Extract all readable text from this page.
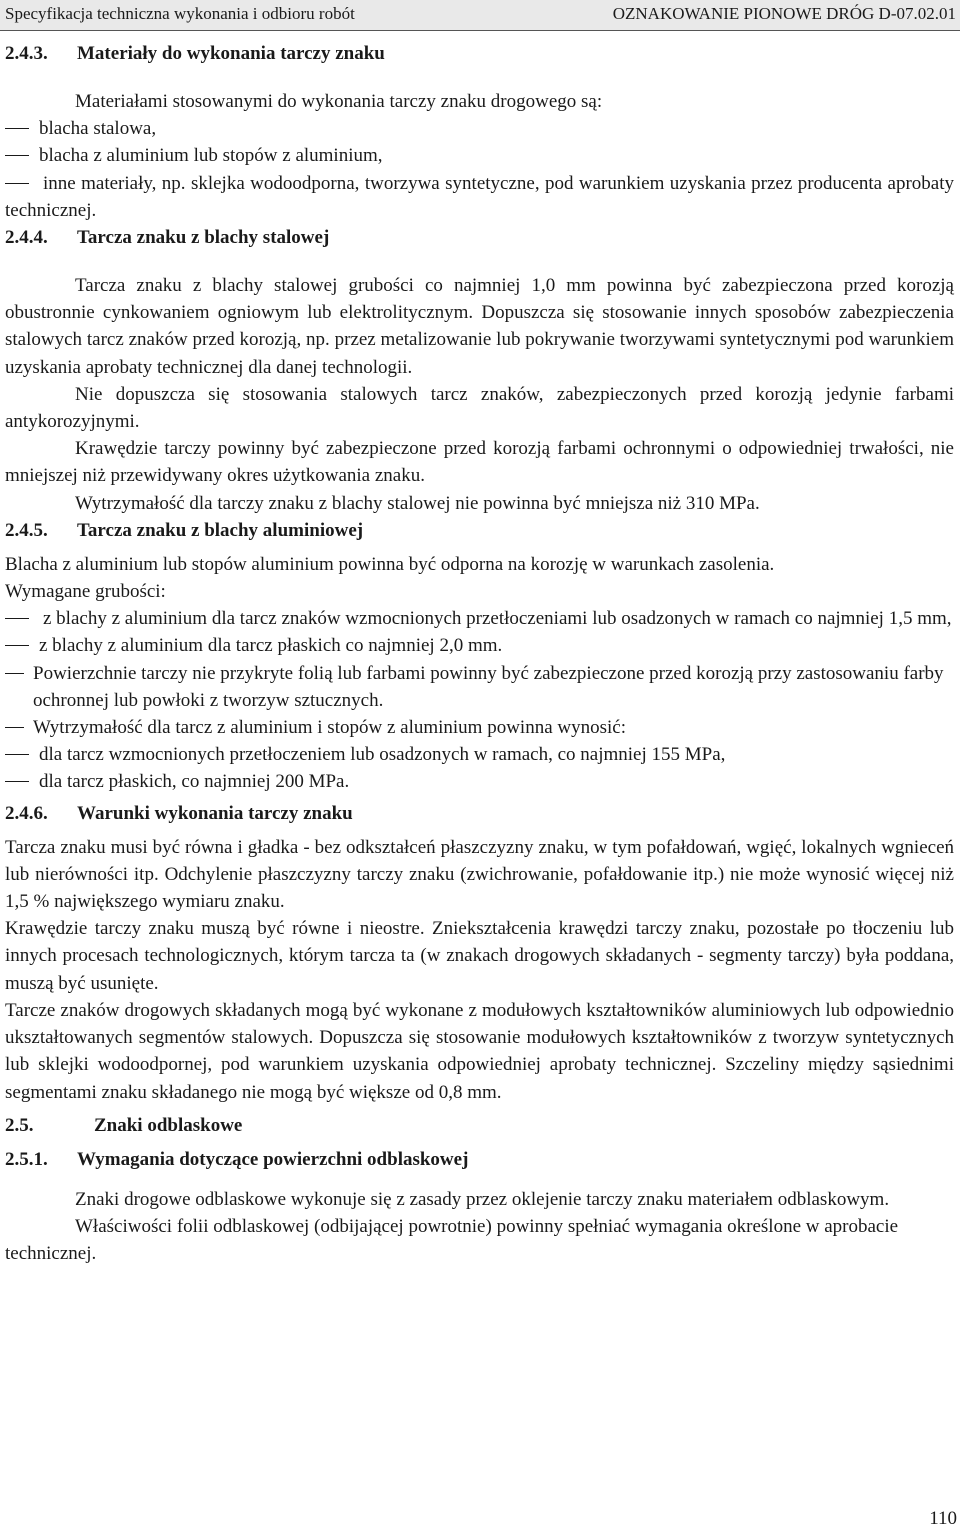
Specyfikacja techniczna wykonania i odbioru robót	OZNAKOWANIE PIONOWE DRÓG D-07.02.01
2.4.3.	Materiały do wykonania tarczy znaku

Materiałami stosowanymi do wykonania tarczy znaku drogowego są:

blacha stalowa,

blacha z aluminium lub stopów z aluminium,

inne materiały, np. sklejka wodoodporna, tworzywa syntetyczne, pod warunkiem uzyskania przez producenta aprobaty technicznej.

2.4.4.	Tarcza znaku z blachy stalowej

Tarcza znaku z blachy stalowej grubości co najmniej 1,0 mm powinna być zabezpieczona przed korozją obustronnie cynkowaniem ogniowym lub elektrolitycznym. Dopuszcza się stosowanie innych sposobów zabezpieczenia stalowych tarcz znaków przed korozją, np. przez metalizowanie lub pokrywanie tworzywami syntetycznymi pod warunkiem uzyskania aprobaty technicznej dla danej technologii.

Nie dopuszcza się stosowania stalowych tarcz znaków, zabezpieczonych przed korozją jedynie farbami antykorozyjnymi.

Krawędzie tarczy powinny być zabezpieczone przed korozją farbami ochronnymi o odpowiedniej trwałości, nie mniejszej niż przewidywany okres użytkowania znaku.

Wytrzymałość dla tarczy znaku z blachy stalowej nie powinna być mniejsza niż 310 MPa.

2.4.5.	Tarcza znaku z blachy aluminiowej

Blacha z aluminium lub stopów aluminium powinna być odporna na korozję w warunkach zasolenia.

Wymagane grubości:

z blachy z aluminium dla tarcz znaków wzmocnionych przetłoczeniami lub osadzonych w ramach co najmniej 1,5 mm,

z blachy z aluminium dla tarcz płaskich co najmniej 2,0 mm.

Powierzchnie tarczy nie przykryte folią lub farbami powinny być zabezpieczone przed korozją przy zastosowaniu farby ochronnej lub powłoki z tworzyw sztucznych.

Wytrzymałość dla tarcz z aluminium i stopów z aluminium powinna wynosić:

dla tarcz wzmocnionych przetłoczeniem lub osadzonych w ramach, co najmniej 155 MPa,

dla tarcz płaskich, co najmniej 200 MPa.

2.4.6.	Warunki wykonania tarczy znaku

Tarcza znaku musi być równa i gładka - bez odkształceń płaszczyzny znaku, w tym pofałdowań, wgięć, lokalnych wgnieceń lub nierówności itp. Odchylenie płaszczyzny tarczy znaku (zwichrowanie, pofałdowanie itp.) nie może wynosić więcej niż 1,5 % największego wymiaru znaku.

Krawędzie tarczy znaku muszą być równe i nieostre. Zniekształcenia krawędzi tarczy znaku, pozostałe po tłoczeniu lub innych procesach technologicznych, którym tarcza ta (w znakach drogowych składanych - segmenty tarczy) była poddana, muszą być usunięte.

Tarcze znaków drogowych składanych mogą być wykonane z modułowych kształtowników aluminiowych lub odpowiednio ukształtowanych segmentów stalowych. Dopuszcza się stosowanie modułowych kształtowników z tworzyw syntetycznych lub sklejki wodoodpornej, pod warunkiem uzyskania odpowiedniej aprobaty technicznej. Szczeliny między sąsiednimi segmentami znaku składanego nie mogą być większe od 0,8 mm.

2.5.	Znaki odblaskowe
2.5.1.	Wymagania dotyczące powierzchni odblaskowej

Znaki drogowe odblaskowe wykonuje się z zasady przez oklejenie tarczy znaku materiałem odblaskowym.

Właściwości folii odblaskowej (odbijającej powrotnie) powinny spełniać wymagania określone w aprobacie technicznej.

110
